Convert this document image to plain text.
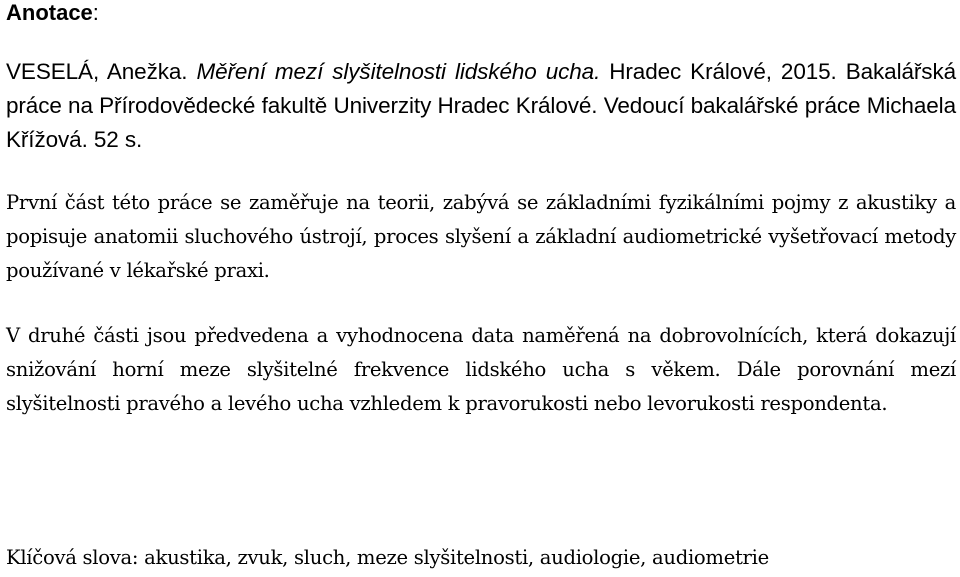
Anotace:
VESELÁ, Anežka. Měření mezí slyšitelnosti lidského ucha. Hradec Králové, 2015. Bakalářská práce na Přírodovědecké fakultě Univerzity Hradec Králové. Vedoucí bakalářské práce Michaela Křížová. 52 s.

První část této práce se zaměřuje na teorii, zabývá se základními fyzikálními pojmy z akustiky a popisuje anatomii sluchového ústrojí, proces slyšení a základní audiometrické vyšetřovací metody používané v lékařské praxi.

V druhé části jsou předvedena a vyhodnocena data naměřená na dobrovolnících, která dokazují snižování horní meze slyšitelné frekvence lidského ucha s věkem. Dále porovnání mezí slyšitelnosti pravého a levého ucha vzhledem k pravorukosti nebo levorukosti respondenta.

Klíčová slova: akustika, zvuk, sluch, meze slyšitelnosti, audiologie, audiometrie
